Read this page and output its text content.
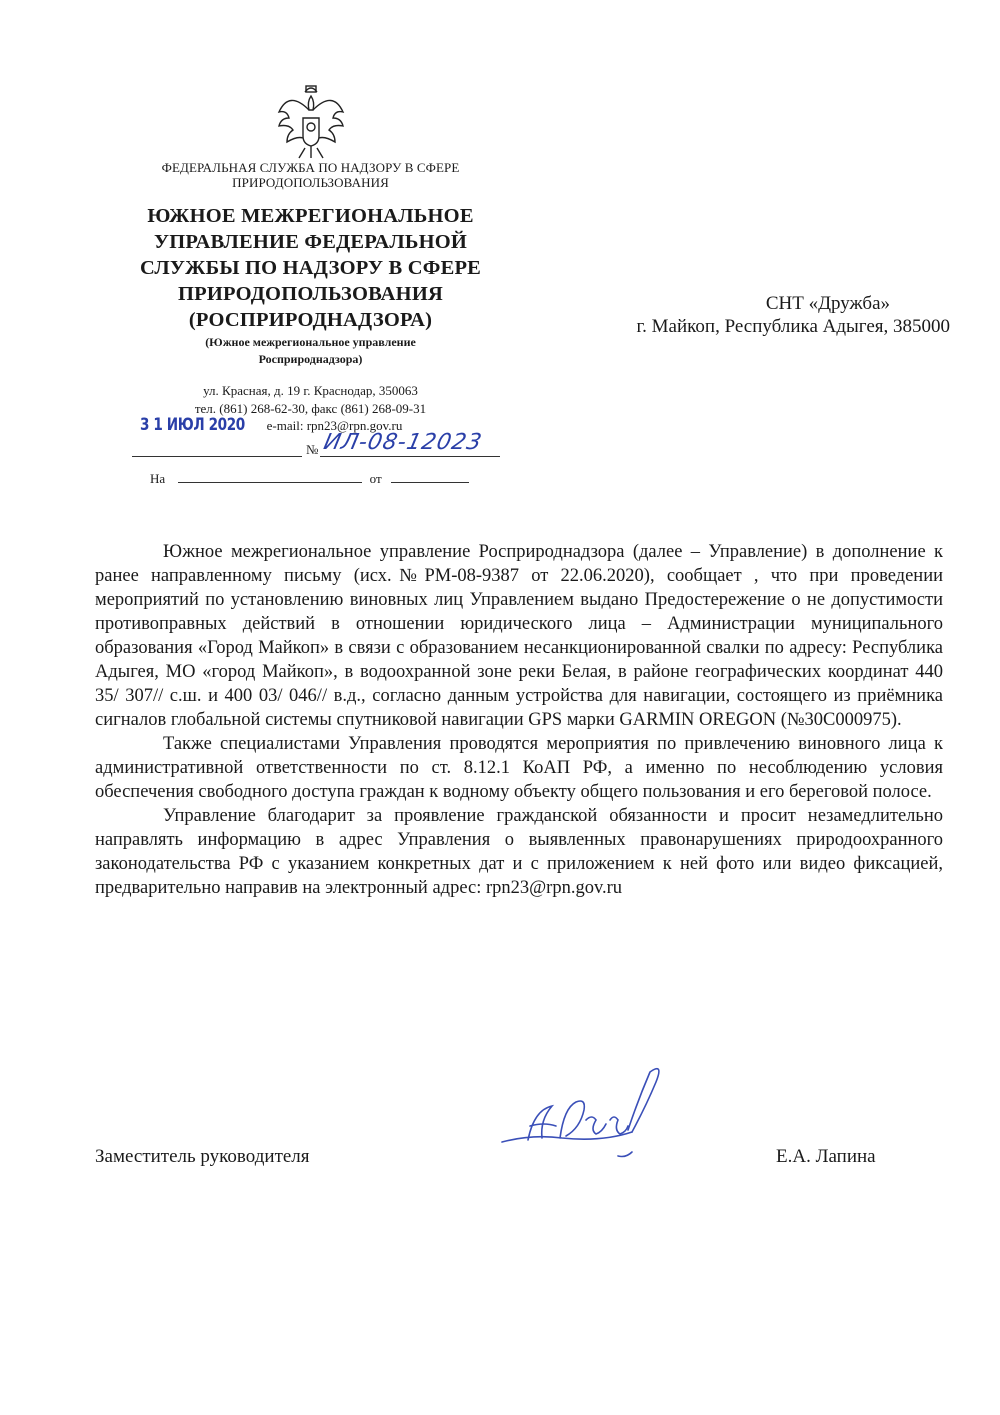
ФЕДЕРАЛЬНАЯ СЛУЖБА ПО НАДЗОРУ В СФЕРЕ
ПРИРОДОПОЛЬЗОВАНИЯ
ЮЖНОЕ МЕЖРЕГИОНАЛЬНОЕ
УПРАВЛЕНИЕ ФЕДЕРАЛЬНОЙ
СЛУЖБЫ ПО НАДЗОРУ В СФЕРЕ
ПРИРОДОПОЛЬЗОВАНИЯ
(РОСПРИРОДНАДЗОРА)
(Южное межрегиональное управление
Росприроднадзора)
ул. Красная, д. 19 г. Краснодар, 350063
тел. (861) 268-62-30, факс (861) 268-09-31
e-mail: rpn23@rpn.gov.ru
3 1 ИЮЛ 2020
№ ИЛ-08-12023
На	от
СНТ «Дружба»
г. Майкоп, Республика Адыгея, 385000

Южное межрегиональное управление Росприроднадзора (далее – Управление) в дополнение к ранее направленному письму (исх.№РМ-08-9387 от 22.06.2020), сообщает , что при проведении мероприятий по установлению виновных лиц Управлением выдано Предостережение о не допустимости противоправных действий в отношении юридического лица – Администрации муниципального образования «Город Майкоп» в связи с образованием несанкционированной свалки по адресу: Республика Адыгея, МО «город Майкоп», в водоохранной зоне реки Белая, в районе географических координат 440 35/ 307// с.ш. и 400 03/ 046// в.д., согласно данным устройства для навигации, состоящего из приёмника сигналов глобальной системы спутниковой навигации GPS марки GARMIN OREGON (№30C000975).

Также специалистами Управления проводятся мероприятия по привлечению виновного лица к административной ответственности по ст. 8.12.1 КоАП РФ, а именно по несоблюдению условия обеспечения свободного доступа граждан к водному объекту общего пользования и его береговой полосе.

Управление благодарит за проявление гражданской обязанности и просит незамедлительно направлять информацию в адрес Управления о выявленных правонарушениях природоохранного законодательства РФ с указанием конкретных дат и с приложением к ней фото или видео фиксацией, предварительно направив на электронный адрес: rpn23@rpn.gov.ru

Заместитель руководителя	Е.А. Лапина
